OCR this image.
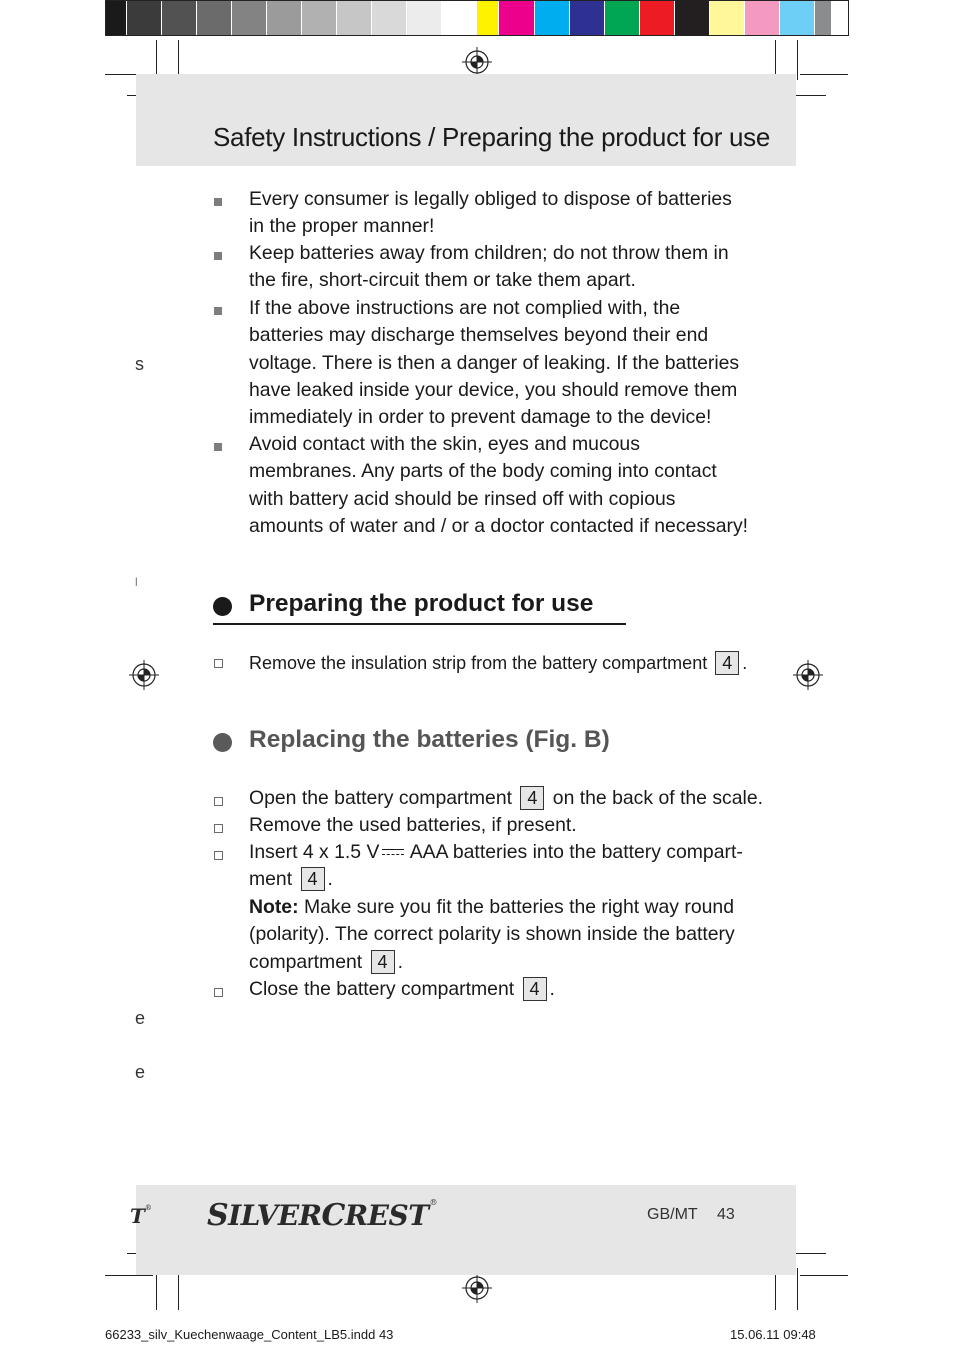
Safety Instructions / Preparing the product for use

Every consumer is legally obliged to dispose of batteries in the proper manner!

Keep batteries away from children; do not throw them in the fire, short-circuit them or take them apart.

If the above instructions are not complied with, the batteries may discharge themselves beyond their end voltage. There is then a danger of leaking. If the batteries have leaked inside your device, you should remove them immediately in order to prevent damage to the device!

Avoid contact with the skin, eyes and mucous membranes. Any parts of the body coming into contact with battery acid should be rinsed off with copious amounts of water and / or a doctor contacted if necessary!

s
l
e
e
Preparing the product for use

Remove the insulation strip from the battery compartment 4 .

Replacing the batteries (Fig. B)

Open the battery compartment 4 on the back of the scale.

Remove the used batteries, if present.

Insert 4 x 1.5 V AAA batteries into the battery compart-

ment 4 .

Note: Make sure you fit the batteries the right way round (polarity). The correct polarity is shown inside the battery compartment 4 .

Close the battery compartment 4 .

T® SILVERCREST®
GB/MT 43
66233_silv_Kuechenwaage_Content_LB5.indd 43	15.06.11 09:48
